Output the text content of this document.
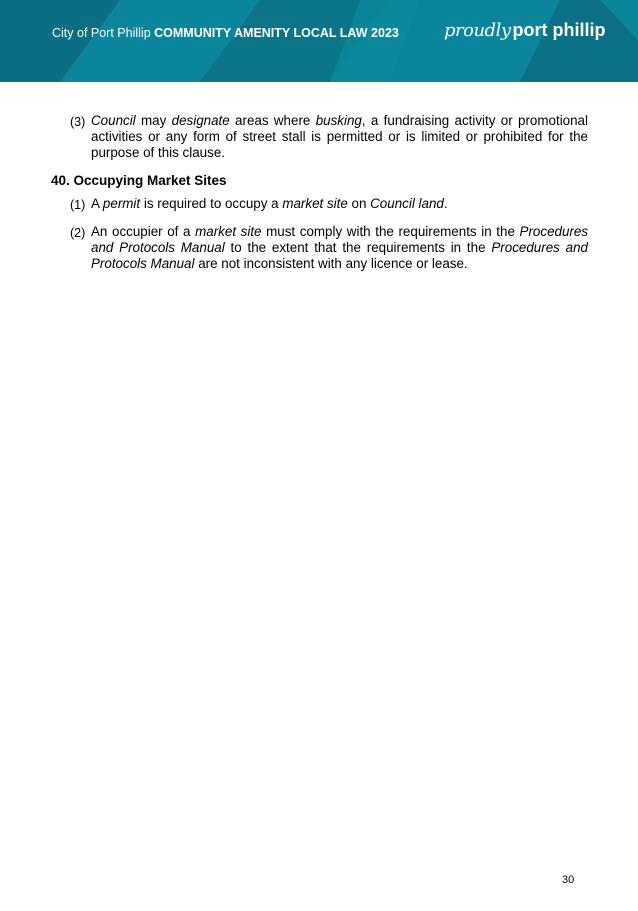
City of Port Phillip COMMUNITY AMENITY LOCAL LAW 2023	proudly port phillip
(3) Council may designate areas where busking, a fundraising activity or promotional activities or any form of street stall is permitted or is limited or prohibited for the purpose of this clause.
40. Occupying Market Sites
(1) A permit is required to occupy a market site on Council land.
(2) An occupier of a market site must comply with the requirements in the Procedures and Protocols Manual to the extent that the requirements in the Procedures and Protocols Manual are not inconsistent with any licence or lease.
30
